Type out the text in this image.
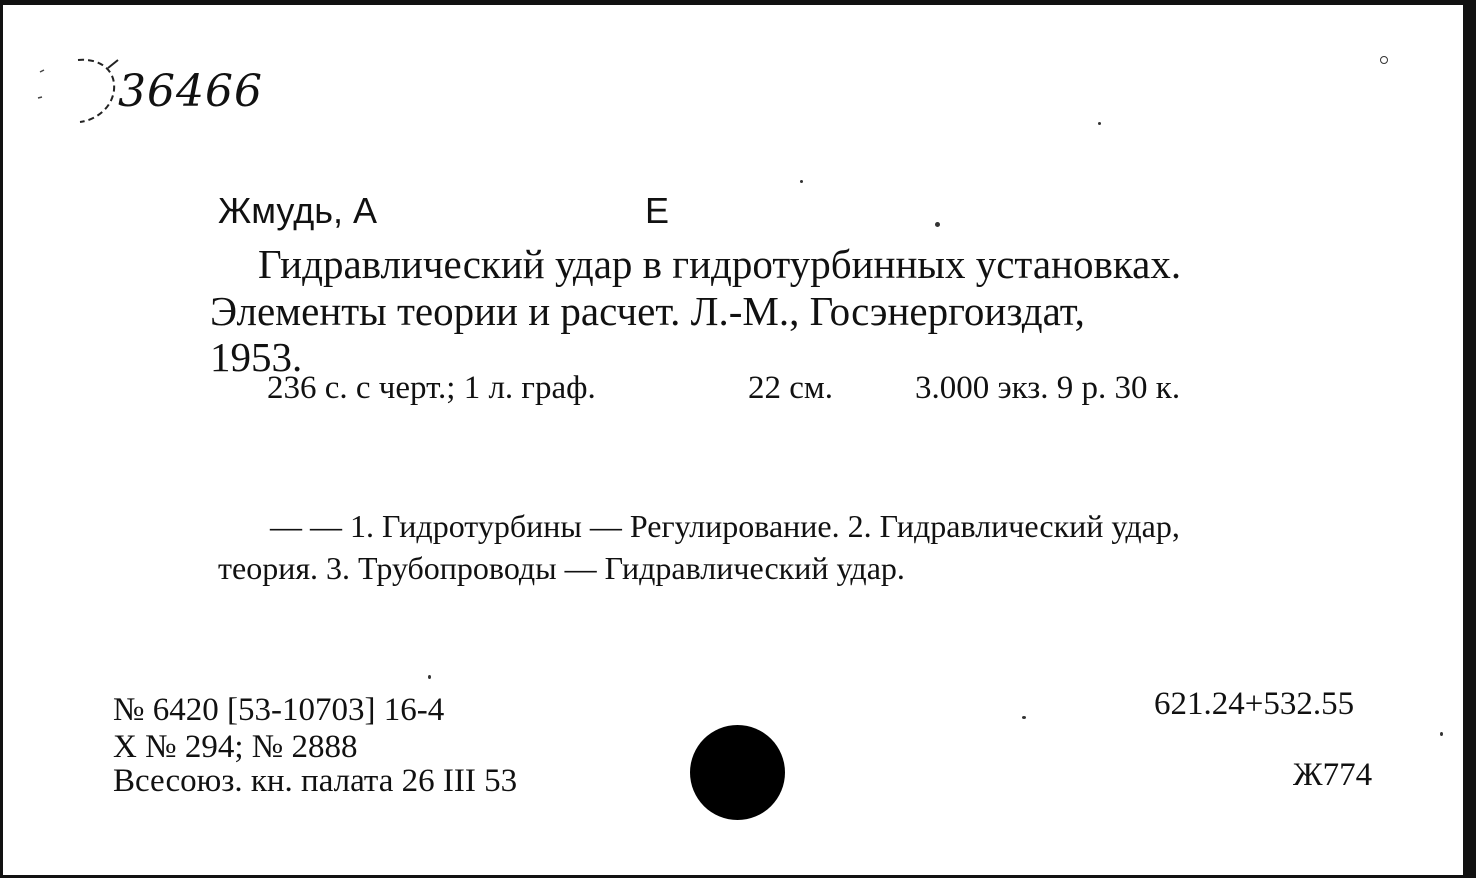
36466
Жмудь, А	Е
Гидравлический удар в гидротурбинных установках.
Элементы теории и расчет. Л.-М., Госэнергоиздат,
1953.
236 с. с черт.; 1 л. граф.	22 см. 3.000 экз. 9 р. 30 к.
— — 1. Гидротурбины — Регулирование. 2. Гидравлический удар,
теория. 3. Трубопроводы — Гидравлический удар.
№ 6420 [53-10703] 16-4
X № 294; № 2888
Всесоюз. кн. палата 26 III 53
621.24+532.55
Ж774
